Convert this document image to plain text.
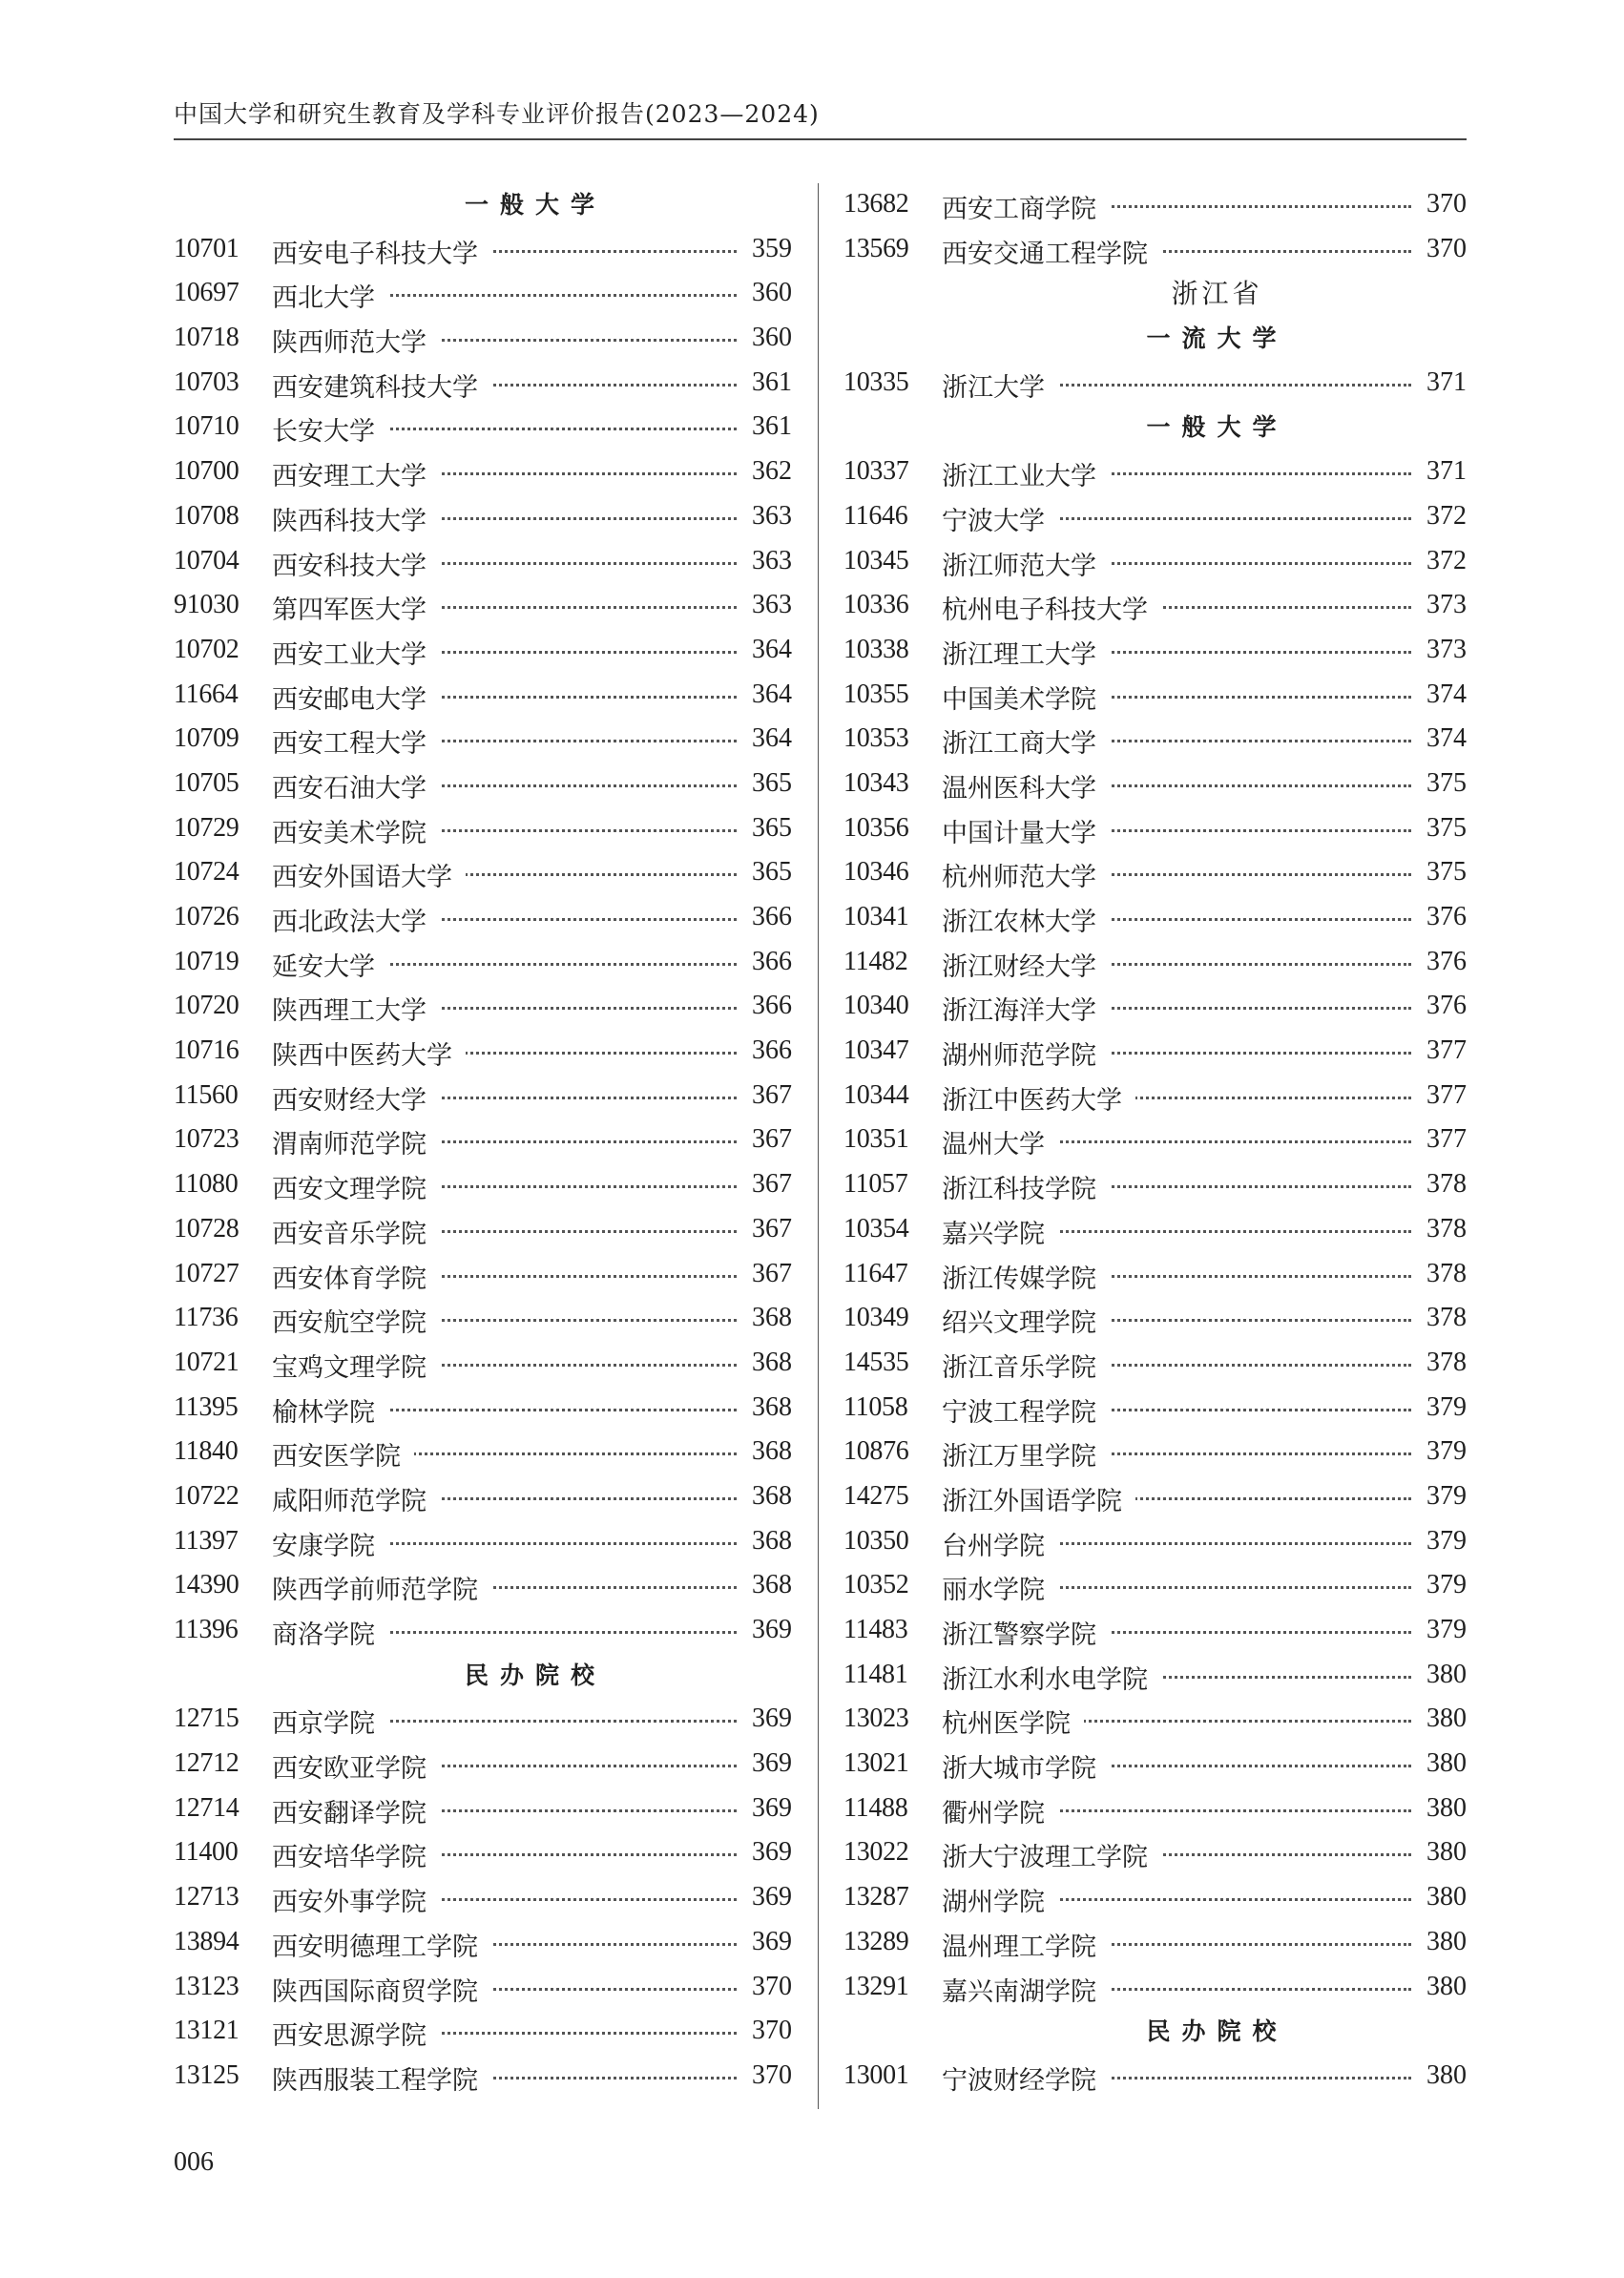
中国大学和研究生教育及学科专业评价报告(2023—2024)
一般大学
10701 西安电子科技大学	359
10697 西北大学	360
10718 陕西师范大学	360
10703 西安建筑科技大学	361
10710 长安大学	361
10700 西安理工大学	362
10708 陕西科技大学	363
10704 西安科技大学	363
91030 第四军医大学	363
10702 西安工业大学	364
11664 西安邮电大学	364
10709 西安工程大学	364
10705 西安石油大学	365
10729 西安美术学院	365
10724 西安外国语大学	365
10726 西北政法大学	366
10719 延安大学	366
10720 陕西理工大学	366
10716 陕西中医药大学	366
11560 西安财经大学	367
10723 渭南师范学院	367
11080 西安文理学院	367
10728 西安音乐学院	367
10727 西安体育学院	367
11736 西安航空学院	368
10721 宝鸡文理学院	368
11395 榆林学院	368
11840 西安医学院	368
10722 咸阳师范学院	368
11397 安康学院	368
14390 陕西学前师范学院	368
11396 商洛学院	369
民办院校
12715 西京学院	369
12712 西安欧亚学院	369
12714 西安翻译学院	369
11400 西安培华学院	369
12713 西安外事学院	369
13894 西安明德理工学院	369
13123 陕西国际商贸学院	370
13121 西安思源学院	370
13125 陕西服装工程学院	370
13682 西安工商学院	370
13569 西安交通工程学院	370
浙江省
一流大学
10335 浙江大学	371
一般大学
10337 浙江工业大学	371
11646 宁波大学	372
10345 浙江师范大学	372
10336 杭州电子科技大学	373
10338 浙江理工大学	373
10355 中国美术学院	374
10353 浙江工商大学	374
10343 温州医科大学	375
10356 中国计量大学	375
10346 杭州师范大学	375
10341 浙江农林大学	376
11482 浙江财经大学	376
10340 浙江海洋大学	376
10347 湖州师范学院	377
10344 浙江中医药大学	377
10351 温州大学	377
11057 浙江科技学院	378
10354 嘉兴学院	378
11647 浙江传媒学院	378
10349 绍兴文理学院	378
14535 浙江音乐学院	378
11058 宁波工程学院	379
10876 浙江万里学院	379
14275 浙江外国语学院	379
10350 台州学院	379
10352 丽水学院	379
11483 浙江警察学院	379
11481 浙江水利水电学院	380
13023 杭州医学院	380
13021 浙大城市学院	380
11488 衢州学院	380
13022 浙大宁波理工学院	380
13287 湖州学院	380
13289 温州理工学院	380
13291 嘉兴南湖学院	380
民办院校
13001 宁波财经学院	380
006
